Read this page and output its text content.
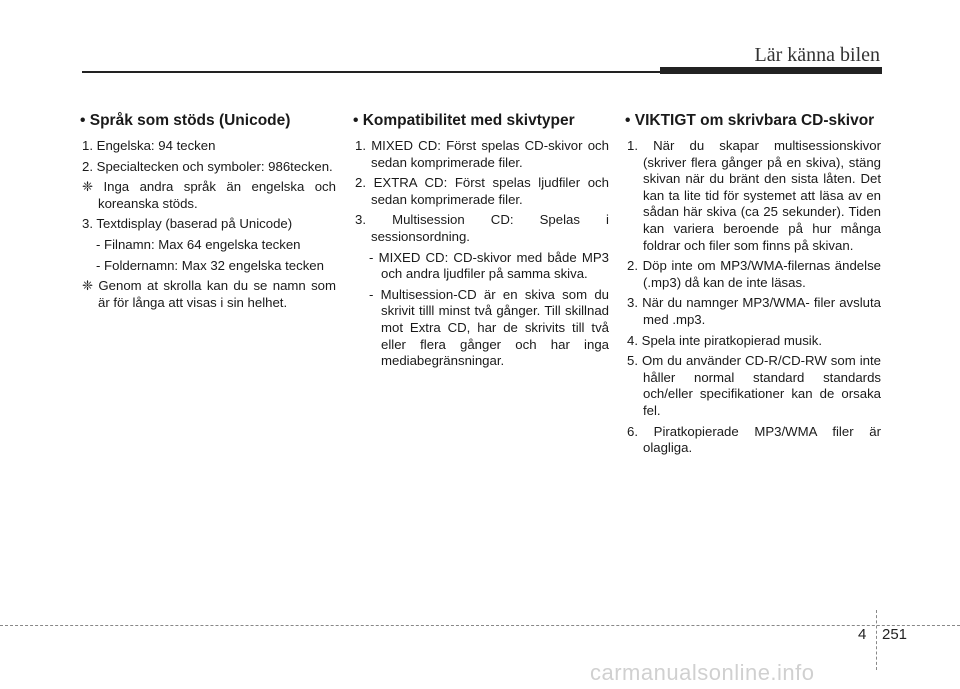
Lär känna bilen
• Språk som stöds (Unicode)
1. Engelska: 94 tecken
2. Specialtecken och symboler: 986tecken.
❈ Inga andra språk än engelska och koreanska stöds.
3. Textdisplay (baserad på Unicode)
- Filnamn: Max 64 engelska tecken
- Foldernamn: Max 32 engelska tecken
❈ Genom at skrolla kan du se namn som är för långa att visas i sin helhet.
• Kompatibilitet med skivtyper
1. MIXED CD: Först spelas CD-skivor och sedan komprimerade filer.
2. EXTRA CD: Först spelas ljudfiler och sedan komprimerade filer.
3. Multisession CD: Spelas i sessionsordning.
- MIXED CD: CD-skivor med både MP3 och andra ljudfiler på samma skiva.
- Multisession-CD är en skiva som du skrivit tilll minst två gånger. Till skillnad mot Extra CD, har de skrivits till två eller flera gånger och har inga mediabegränsningar.
• VIKTIGT om skrivbara CD-skivor
1. När du skapar multisessionskivor (skriver flera gånger på en skiva), stäng skivan när du bränt den sista låten. Det kan ta lite tid för systemet att läsa av en sådan här skiva (ca 25 sekunder). Tiden kan variera beroende på hur många foldrar och filer som finns på skivan.
2. Döp inte om MP3/WMA-filernas ändelse (.mp3) då kan de inte läsas.
3. När du namnger MP3/WMA- filer avsluta med .mp3.
4. Spela inte piratkopierad musik.
5. Om du använder CD-R/CD-RW som inte håller normal standard standards och/eller specifikationer kan de orsaka fel.
6. Piratkopierade MP3/WMA filer är olagliga.
4 251
carmanualsonline.info
